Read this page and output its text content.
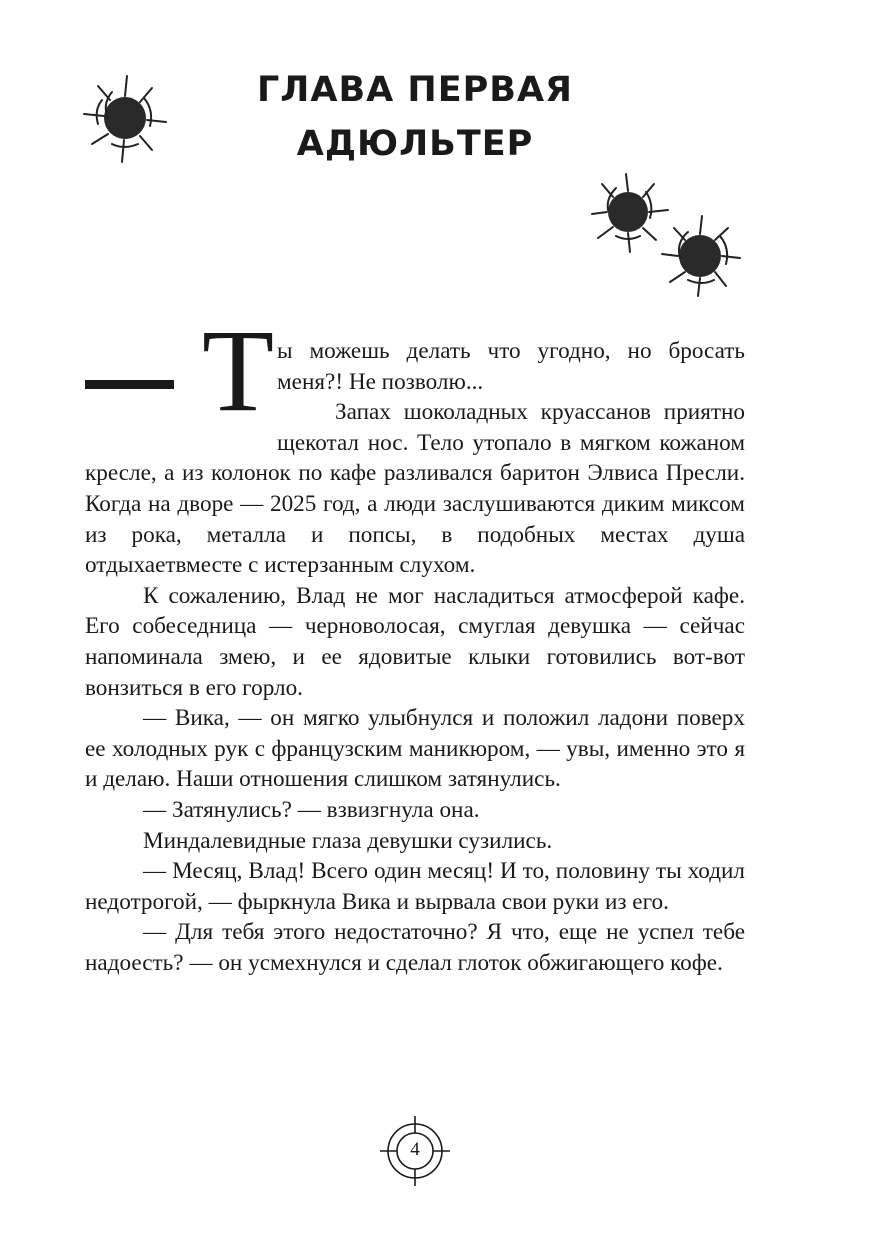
ГЛАВА ПЕРВАЯ
АДЮЛЬТЕР

Т ы можешь делать что угодно, но бросать меня?! Не позволю...

Запах шоколадных круассанов приятно щекотал нос. Тело утопало в мягком кожаном кресле, а из колонок по кафе разливался баритон Элвиса Пресли. Когда на дворе — 2025 год, а люди заслушиваются диким миксом из рока, металла и попсы, в подобных местах душа отдыхаетвместе с истерзанным слухом.

К сожалению, Влад не мог насладиться атмосферой кафе. Его собеседница — черноволосая, смуглая девушка — сейчас напоминала змею, и ее ядовитые клыки готовились вот-вот вонзиться в его горло.

— Вика, — он мягко улыбнулся и положил ладони поверх ее холодных рук с французским маникюром, — увы, именно это я и делаю. Наши отношения слишком затянулись.

— Затянулись? — взвизгнула она.

Миндалевидные глаза девушки сузились.

— Месяц, Влад! Всего один месяц! И то, половину ты ходил недотрогой, — фыркнула Вика и вырвала свои руки из его.

— Для тебя этого недостаточно? Я что, еще не успел тебе надоесть? — он усмехнулся и сделал глоток обжигающего кофе.

4
